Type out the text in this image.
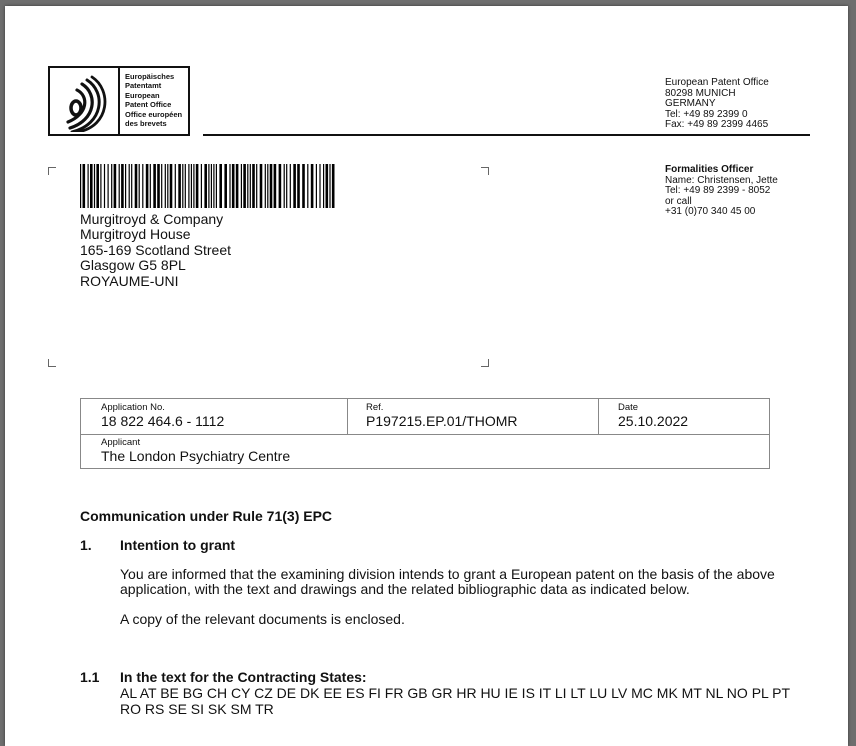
Europäisches
Patentamt
European
Patent Office
Office européen
des brevets
European Patent Office
80298 MUNICH
GERMANY
Tel: +49 89 2399 0
Fax: +49 89 2399 4465
Formalities Officer
Name: Christensen, Jette
Tel: +49 89 2399 - 8052
or call
+31 (0)70 340 45 00
Murgitroyd & Company
Murgitroyd House
165-169 Scotland Street
Glasgow G5 8PL
ROYAUME-UNI
Application No.
18 822 464.6 - 1112
Ref.
P197215.EP.01/THOMR
Date
25.10.2022
Applicant
The London Psychiatry Centre
Communication under Rule 71(3) EPC
1. Intention to grant
You are informed that the examining division intends to grant a European patent on the basis of the above application, with the text and drawings and the related bibliographic data as indicated below.
A copy of the relevant documents is enclosed.
1.1 In the text for the Contracting States:
AL AT BE BG CH CY CZ DE DK EE ES FI FR GB GR HR HU IE IS IT LI LT LU LV MC MK MT NL NO PL PT
RO RS SE SI SK SM TR
